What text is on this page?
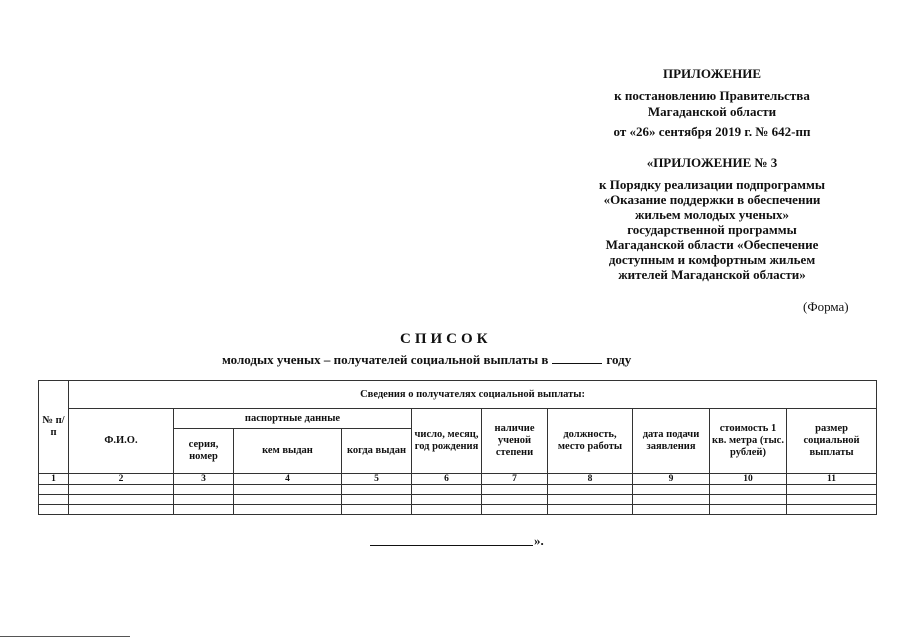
ПРИЛОЖЕНИЕ
к постановлению Правительства
Магаданской области
от «26» сентября 2019 г. № 642-пп
«ПРИЛОЖЕНИЕ № 3
к Порядку реализации подпрограммы
«Оказание поддержки в обеспечении
жильем молодых ученых»
государственной программы
Магаданской области «Обеспечение
доступным и комфортным жильем
жителей Магаданской области»
(Форма)
СПИСОК
молодых ученых – получателей социальной выплаты в	году
№ п/п	Сведения о получателях социальной выплаты:									
	Ф.И.О.	паспортные данные			число, месяц, год рождения	наличие ученой степени	должность, место работы	дата подачи заявления	стоимость 1 кв. метра (тыс. рублей)	размер социальной выплаты
		серия, номер	кем выдан	когда выдан						
1	2	3	4	5	6	7	8	9	10	11

».
